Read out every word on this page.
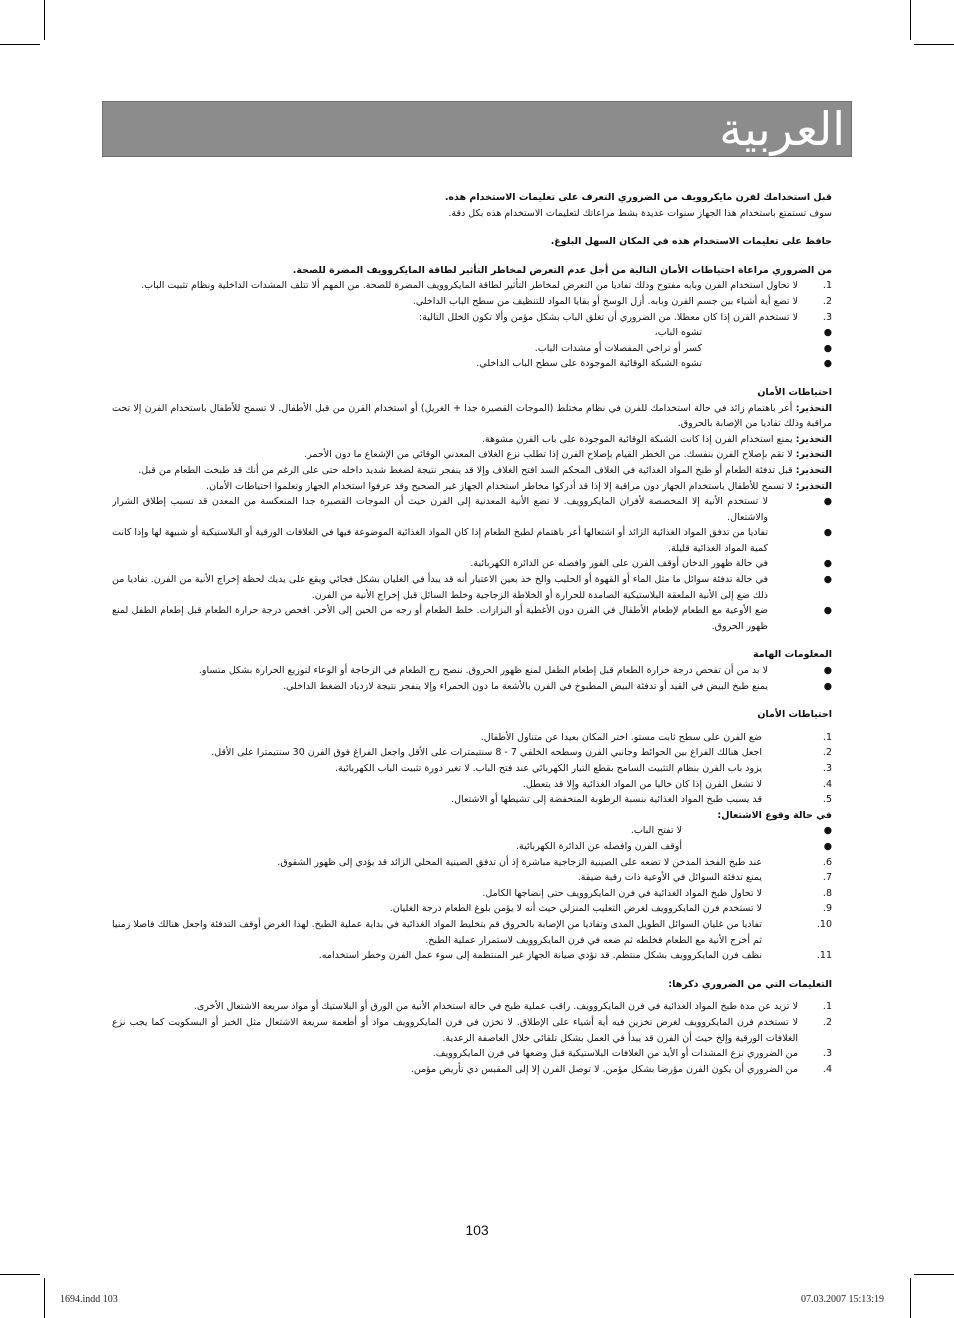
العربية

قبل استخدامك لفرن مايكروويف من الضروري التعرف على تعليمات الاستخدام هذه.

سوف تستمتع باستخدام هذا الجهاز سنوات عديدة بشط مراعاتك لتعليمات الاستخدام هذه بكل دقة.

حافظ على تعليمات الاستخدام هذه في المكان السهل البلوغ.

من الضروري مراعاة احتياطات الأمان التالية من أجل عدم التعرض لمخاطر التأثير لطاقة المايكروويف المضرة للصحة.

1.
لا تحاول استخدام الفرن وبابه مفتوح وذلك تفاديا من التعرض لمخاطر التأثير لطاقة المايكروويف المضرة للصحة. من المهم ألا تتلف المشدات الداخلية ونظام تثبيت الباب.
2.
لا تضع أية أشياء بين جسم الفرن وبابه. أزل الوسخ أو بقايا المواد للتنظيف من سطح الباب الداخلي.
3.
لا تستخدم الفرن إذا كان معطلا. من الضروري أن تغلق الباب بشكل مؤمن وألا تكون الخلل التالية:
●
تشوه الباب،
●
كسر أو تراخي المفصلات أو مشدات الباب.
●
تشوه الشبكة الوقائية الموجودة على سطح الباب الداخلي.

احتياطات الأمان

التحذير: أعر باهتمام زائد في حالة استخدامك للفرن في نظام مختلط (الموجات القصيرة جدا + الغريل) أو استخدام الفرن من قبل الأطفال. لا تسمح للأطفال باستخدام الفرن إلا تحت مراقبة وذلك تفاديا من الإصابة بالحروق.

التحذير: يمنع استخدام الفرن إذا كانت الشبكة الوقائية الموجودة على باب الفرن مشوهة.

التحذير: لا تقم بإصلاح الفرن بنفسك. من الخطر القيام بإصلاح الفرن إذا تطلب نزع الغلاف المعدني الوقائي من الإشعاع ما دون الأحمر.

التحذير: قبل تدفئة الطعام أو طبخ المواد الغذائية في الغلاف المحكم السد افتح الغلاف وإلا قد ينفجر نتيجة لضغط شديد داخله حتى على الرغم من أنك قد طبخت الطعام من قبل.

التحذير: لا تسمح للأطفال باستخدام الجهاز دون مراقبة إلا إذا قد أدركوا مخاطر استخدام الجهاز غير الصحيح وقد عرفوا استخدام الجهاز وتعلموا احتياطات الأمان.

●
لا تستخدم الأنية إلا المخصصة لأفران المايكروويف. لا تضع الأنية المعدنية إلى الفرن حيث أن الموجات القصيرة جدا المنعكسة من المعدن قد تسبب إطلاق الشرار والاشتعال.
●
تفاديا من تدفق المواد الغذائية الزائد أو اشتعالها أعر باهتمام لطبخ الطعام إذا كان المواد الغذائية الموضوعة فيها في الغلافات الورقية أو البلاستيكية أو شبيهة لها وإذا كانت كمية المواد الغذائية قليلة.
●
في حالة ظهور الدخان أوقف الفرن على الفور وافصله عن الدائرة الكهربائية.
●
في حالة تدفئة سوائل ما مثل الماء أو القهوة أو الحليب والخ خذ بعين الاعتبار أنه قد يبدأ في الغليان بشكل فجائي ويقع على يديك لحظة إخراج الأنية من الفرن. تفاديا من ذلك ضع إلى الأنية الملعقة البلاستيكية الصامدة للحرارة أو الخلاطة الزجاجية وخلط السائل قبل إخراج الأنية من الفرن.
●
ضع الأوعية مع الطعام لإطعام الأطفال في الفرن دون الأغطية أو البزازات. خلط الطعام أو رجه من الحين إلى الأخر. افحص درجة حرارة الطعام قبل إطعام الطفل لمنع ظهور الحروق.

المعلومات الهامة

●
لا بد من أن تفحص درجة حرارة الطعام قبل إطعام الطفل لمنع ظهور الحروق. ننصح رج الطعام في الزجاجة أو الوعاء لتوزيع الحرارة بشكل متساو.
●
يمنع طبخ البيض في القيد أو تدفئة البيض المطبوخ في الفرن بالأشعة ما دون الحمراء وإلا ينفجر نتيجة لازدياد الضغط الداخلي.

احتياطات الأمان

1.
ضع الفرن على سطح ثابت مستو. اختر المكان بعيدا عن متناول الأطفال.
2.
اجعل هنالك الفراغ بين الحوائط وجانبي الفرن وسطحه الخلفي 7 - 8 سنتيمترات على الأقل واجعل الفراغ فوق الفرن 30 سنتيمترا على الأقل.
3.
يزود باب الفرن بنظام التثبيت السامح بقطع التيار الكهربائي عند فتح الباب. لا تغير دورة تثبيت الباب الكهربائية.
4.
لا تشغل الفرن إذا كان خاليا من المواد الغذائية وإلا قد يتعطل.
5.
قد يسبب طبخ المواد الغذائية بنسبة الرطوبة المنخفضة إلى تشيطها أو الاشتعال.

في حالة وقوع الاشتعال:

●
لا تفتح الباب.
●
أوقف الفرن وافصله عن الدائرة الكهربائية.
6.
عند طبخ الفخذ المدخن لا تضعه على الصينية الزجاجية مباشرة إذ أن تدفق الصينية المحلي الزائد قد يؤدي إلى ظهور الشقوق.
7.
يمنع تدفئة السوائل في الأوعية ذات رقبة ضيقة.
8.
لا تحاول طبخ المواد الغذائية في فرن المايكروويف حتى إنضاجها الكامل.
9.
لا تستخدم فرن المايكروويف لغرض التعليب المنزلي حيث أنه لا يؤمن بلوغ الطعام درجة الغليان.
10.
تفاديا من غليان السوائل الطويل المدى وتفاديا من الإصابة بالحروق قم بتخليط المواد الغذائية في بداية عملية الطبخ. لهذا الغرض أوقف التدفئة واجعل هنالك فاصلا زمنيا ثم أخرج الأنية مع الطعام فخلطه ثم ضعه في فرن المايكروويف لاستمرار عملية الطبخ.
11.
نظف فرن المايكروويف بشكل منتظم. قد تؤدي صيانة الجهاز غير المنتظمة إلى سوء عمل الفرن وخطر استخدامه.

التعليمات التي من الضروري ذكرها:

1.
لا تزيد عن مدة طبخ المواد الغذائية في فرن المايكروويف. راقب عملية طبخ في حالة استخدام الأنية من الورق أو البلاستيك أو مواد سريعة الاشتعال الأخرى.
2.
لا تستخدم فرن المايكروويف لغرض تخزين فيه أية أشياء على الإطلاق. لا تخزن في فرن المايكروويف مواد أو أطعمة سريعة الاشتعال مثل الخبز أو البسكويت كما يجب نزع الغلافات الورقية وإلخ حيث أن الفرن قد يبدأ في العمل بشكل تلقائي خلال العاصفة الرعدية.
3.
من الضروري نزع المشدات أو الأيد من الغلافات البلاستيكية قبل وضعها في فرن المايكروويف.
4.
من الضروري أن يكون الفرن مؤرضا بشكل مؤمن. لا توصل الفرن إلا إلى المقبس ذي تأريض مؤمن.
103
1694.indd 103	07.03.2007 15:13:19
